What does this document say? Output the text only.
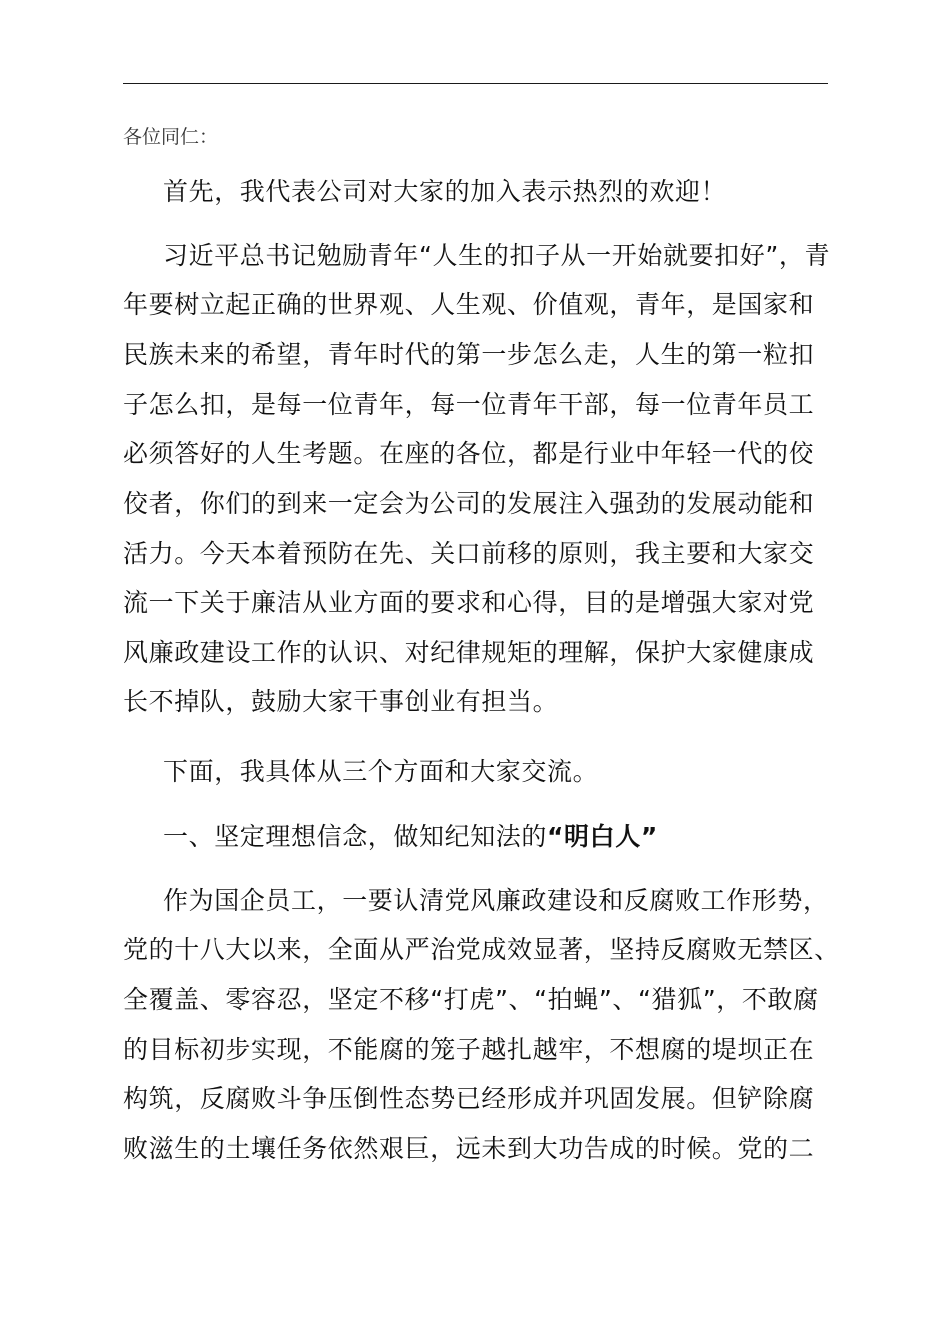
各位同仁：
首先，我代表公司对大家的加入表示热烈的欢迎！
习近平总书记勉励青年“人生的扣子从一开始就要扣好”，青
年要树立起正确的世界观、人生观、价值观，青年，是国家和
民族未来的希望，青年时代的第一步怎么走，人生的第一粒扣
子怎么扣，是每一位青年，每一位青年干部，每一位青年员工
必须答好的人生考题。在座的各位，都是行业中年轻一代的佼
佼者，你们的到来一定会为公司的发展注入强劲的发展动能和
活力。今天本着预防在先、关口前移的原则，我主要和大家交
流一下关于廉洁从业方面的要求和心得，目的是增强大家对党
风廉政建设工作的认识、对纪律规矩的理解，保护大家健康成
长不掉队，鼓励大家干事创业有担当。
下面，我具体从三个方面和大家交流。
一、坚定理想信念，做知纪知法的“明白人”
作为国企员工，一要认清党风廉政建设和反腐败工作形势，
党的十八大以来，全面从严治党成效显著，坚持反腐败无禁区、
全覆盖、零容忍，坚定不移“打虎”、“拍蝇”、“猎狐”，不敢腐
的目标初步实现，不能腐的笼子越扎越牢，不想腐的堤坝正在
构筑，反腐败斗争压倒性态势已经形成并巩固发展。但铲除腐
败滋生的土壤任务依然艰巨，远未到大功告成的时候。党的二
